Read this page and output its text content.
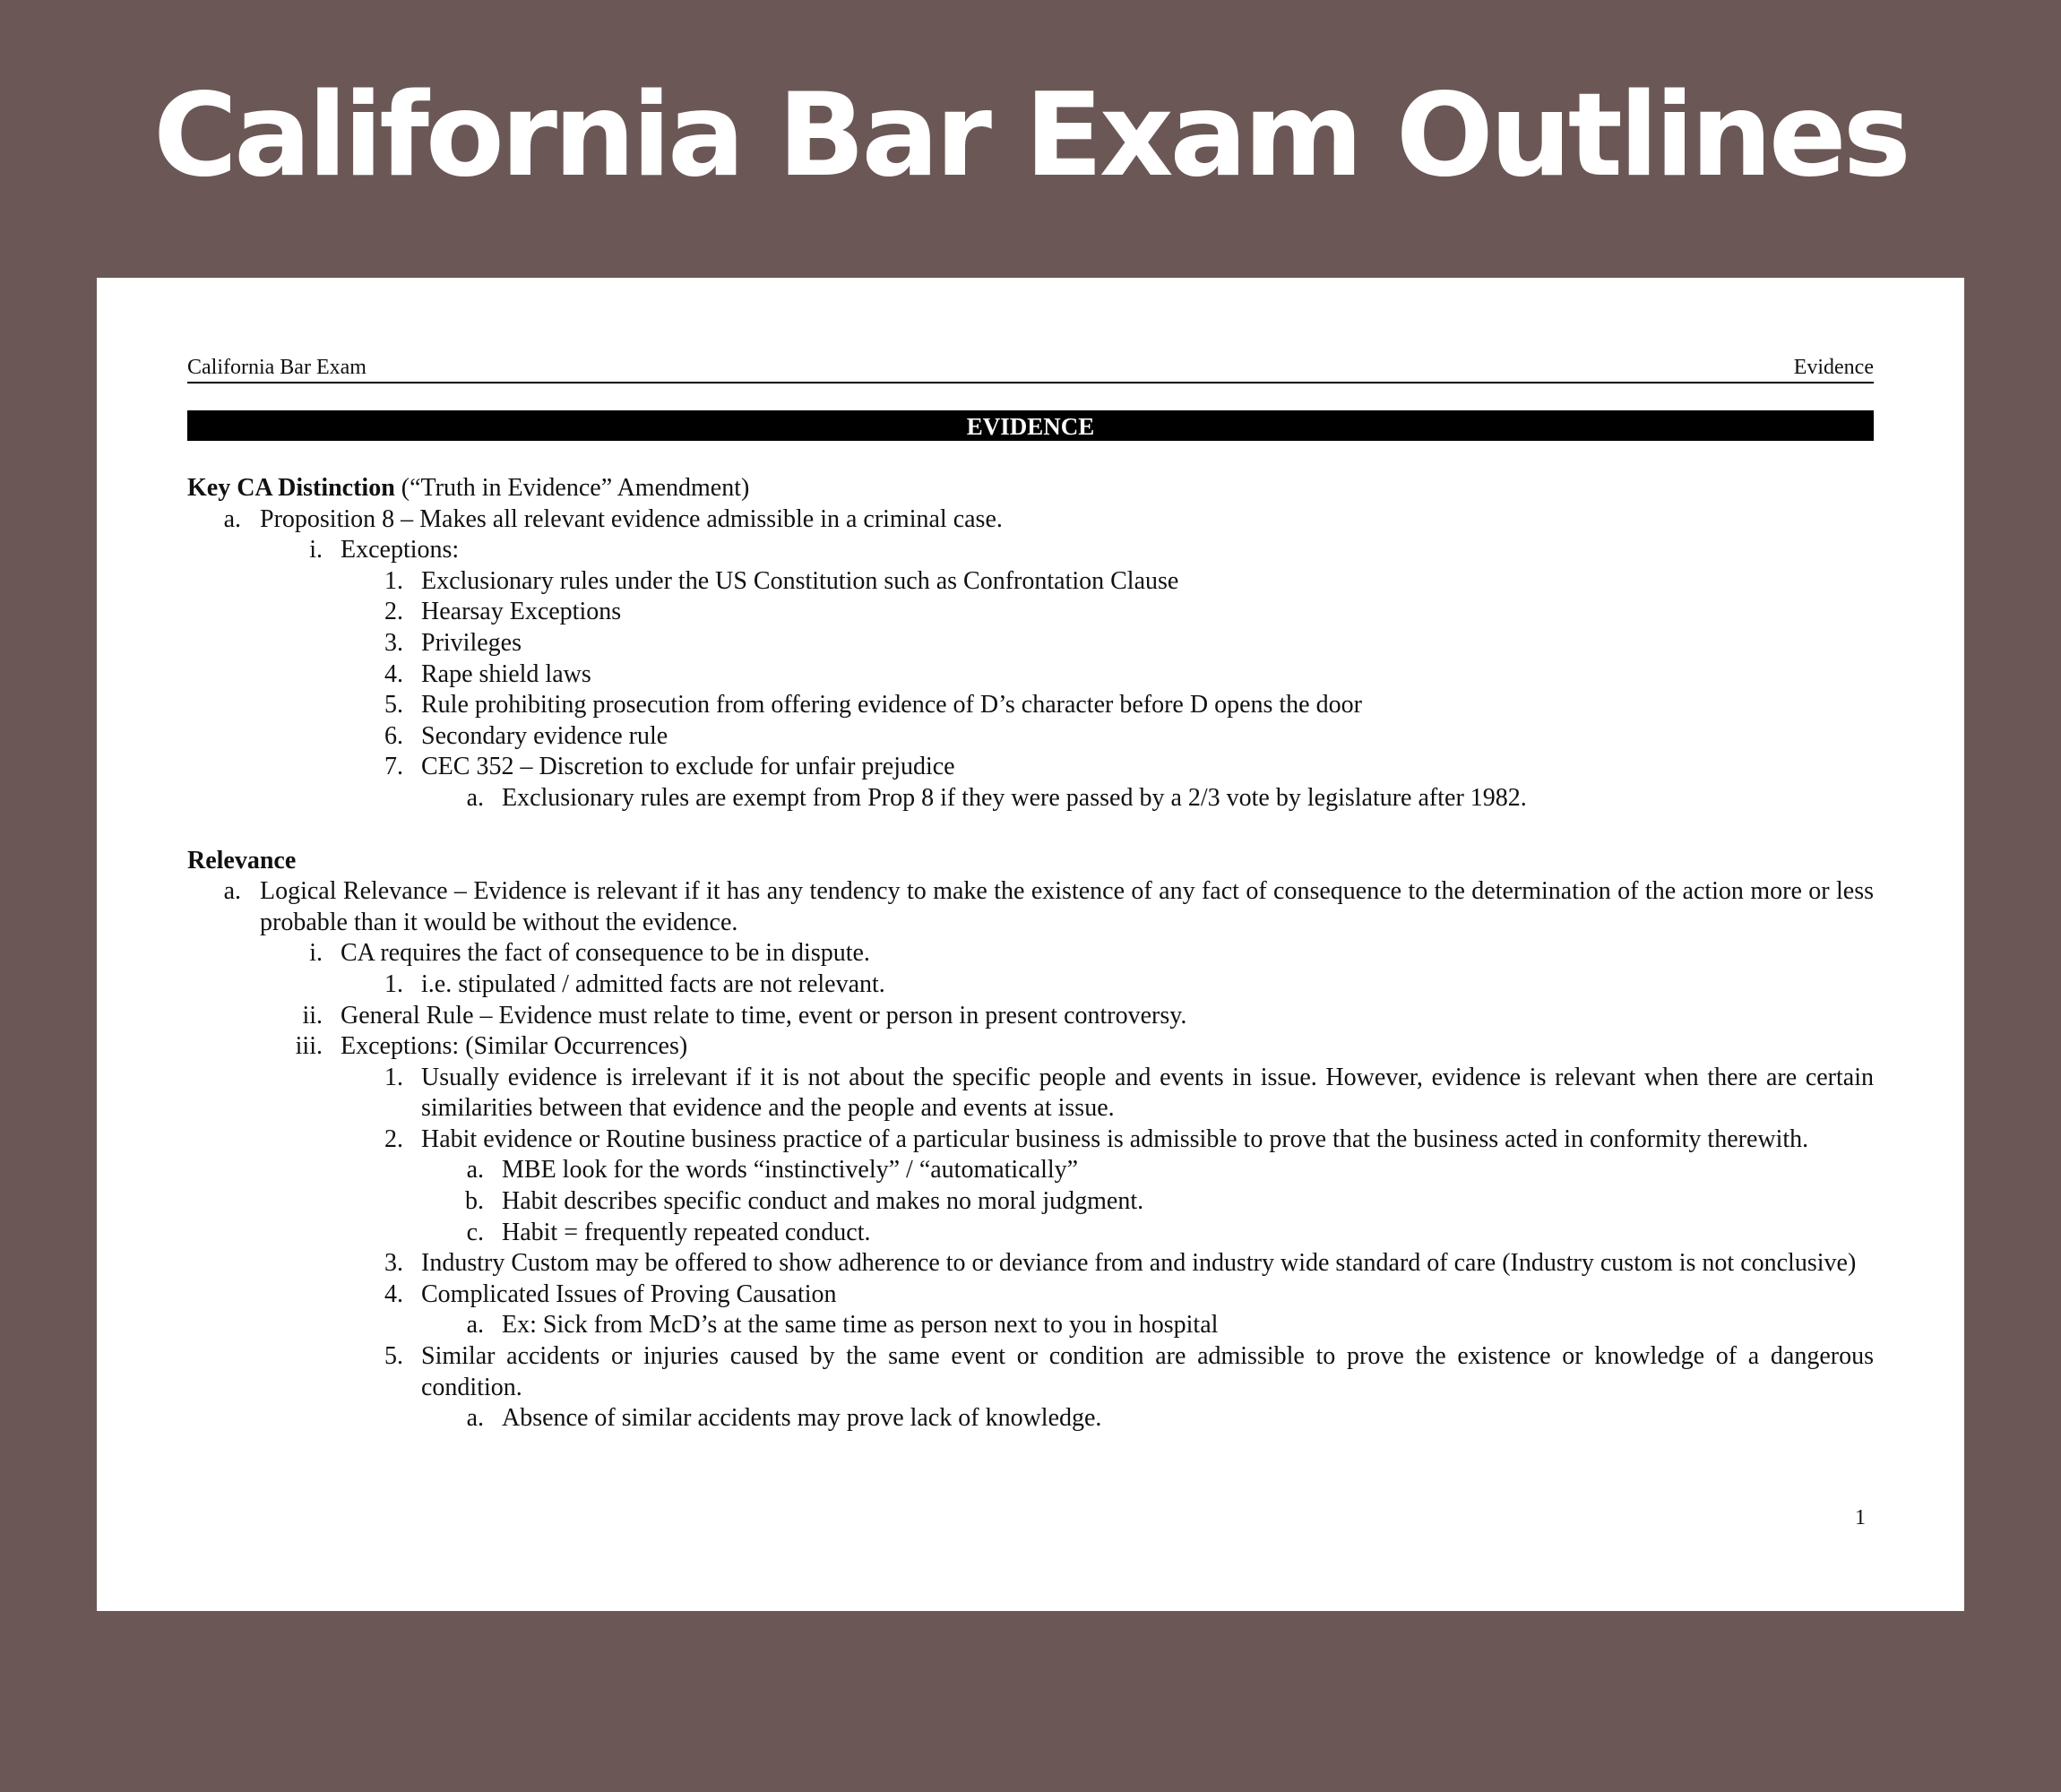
California Bar Exam Outlines
California Bar Exam	Evidence
EVIDENCE
Key CA Distinction (“Truth in Evidence” Amendment)
a. Proposition 8 – Makes all relevant evidence admissible in a criminal case.
i. Exceptions:
1. Exclusionary rules under the US Constitution such as Confrontation Clause
2. Hearsay Exceptions
3. Privileges
4. Rape shield laws
5. Rule prohibiting prosecution from offering evidence of D’s character before D opens the door
6. Secondary evidence rule
7. CEC 352 – Discretion to exclude for unfair prejudice
a. Exclusionary rules are exempt from Prop 8 if they were passed by a 2/3 vote by legislature after 1982.
Relevance
a. Logical Relevance – Evidence is relevant if it has any tendency to make the existence of any fact of consequence to the determination of the action more or less probable than it would be without the evidence.
i. CA requires the fact of consequence to be in dispute.
1. i.e. stipulated / admitted facts are not relevant.
ii. General Rule – Evidence must relate to time, event or person in present controversy.
iii. Exceptions: (Similar Occurrences)
1. Usually evidence is irrelevant if it is not about the specific people and events in issue. However, evidence is relevant when there are certain similarities between that evidence and the people and events at issue.
2. Habit evidence or Routine business practice of a particular business is admissible to prove that the business acted in conformity therewith.
a. MBE look for the words “instinctively” / “automatically”
b. Habit describes specific conduct and makes no moral judgment.
c. Habit = frequently repeated conduct.
3. Industry Custom may be offered to show adherence to or deviance from and industry wide standard of care (Industry custom is not conclusive)
4. Complicated Issues of Proving Causation
a. Ex: Sick from McD’s at the same time as person next to you in hospital
5. Similar accidents or injuries caused by the same event or condition are admissible to prove the existence or knowledge of a dangerous condition.
a. Absence of similar accidents may prove lack of knowledge.
1
